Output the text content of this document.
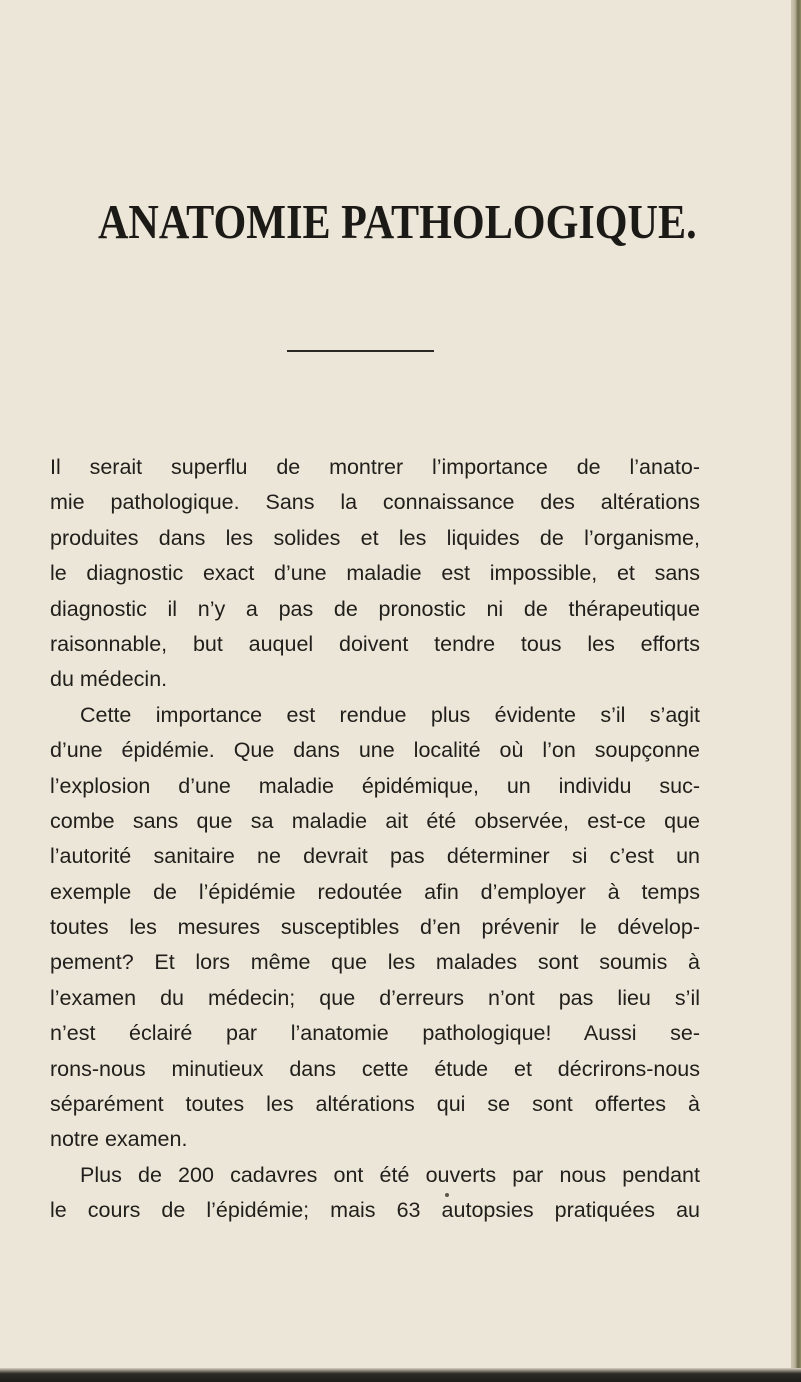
ANATOMIE PATHOLOGIQUE.
Il serait superflu de montrer l’importance de l’anato-
mie pathologique. Sans la connaissance des altérations
produites dans les solides et les liquides de l’organisme,
le diagnostic exact d’une maladie est impossible, et sans
diagnostic il n’y a pas de pronostic ni de thérapeutique
raisonnable, but auquel doivent tendre tous les efforts
du médecin.
Cette importance est rendue plus évidente s’il s’agit
d’une épidémie. Que dans une localité où l’on soupçonne
l’explosion d’une maladie épidémique, un individu suc-
combe sans que sa maladie ait été observée, est-ce que
l’autorité sanitaire ne devrait pas déterminer si c’est un
exemple de l’épidémie redoutée afin d’employer à temps
toutes les mesures susceptibles d’en prévenir le dévelop-
pement? Et lors même que les malades sont soumis à
l’examen du médecin; que d’erreurs n’ont pas lieu s’il
n’est éclairé par l’anatomie pathologique! Aussi se-
rons-nous minutieux dans cette étude et décrirons-nous
séparément toutes les altérations qui se sont offertes à
notre examen.
Plus de 200 cadavres ont été ouverts par nous pendant
le cours de l’épidémie; mais 63 autopsies pratiquées au
